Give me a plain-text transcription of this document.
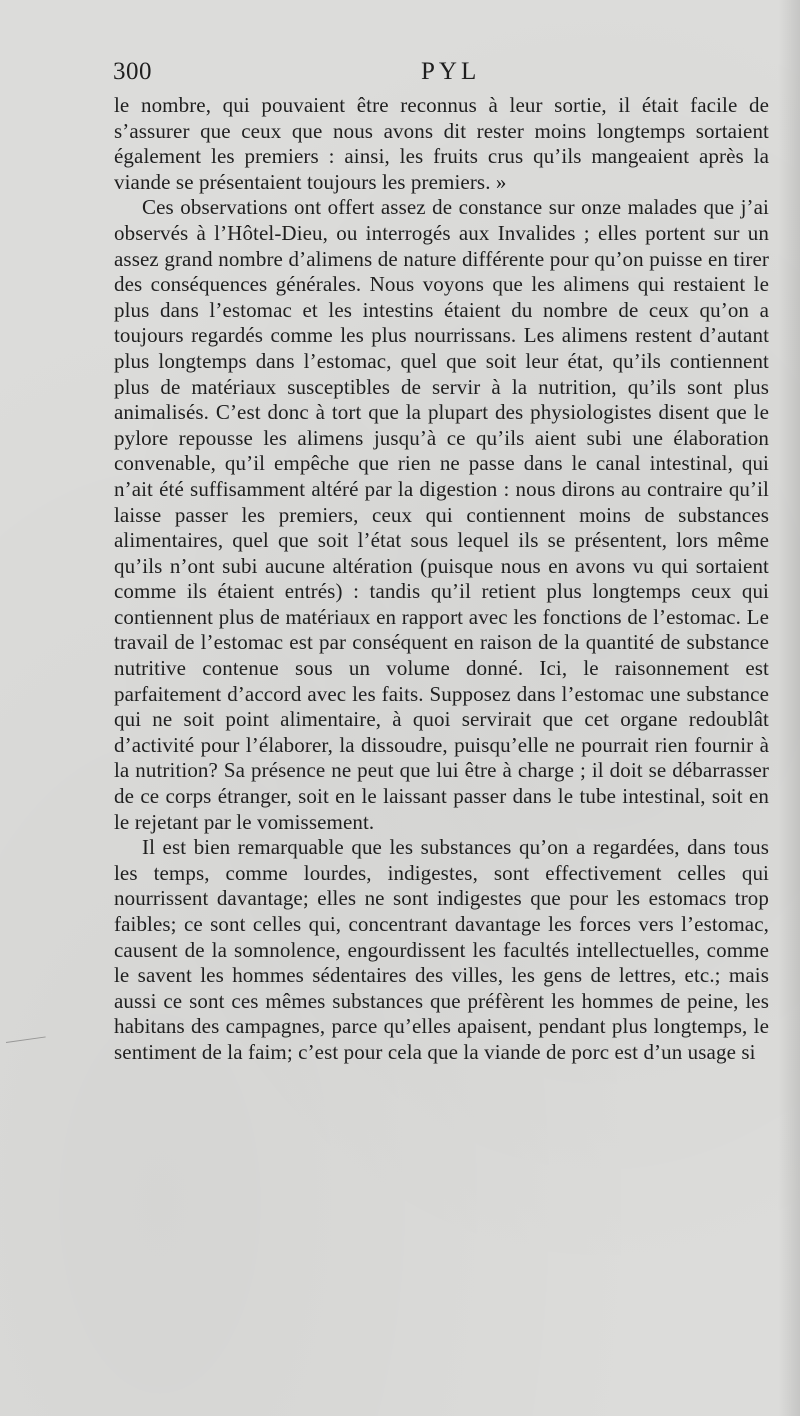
300	PYL

le nombre, qui pouvaient être reconnus à leur sortie, il était facile de s’assurer que ceux que nous avons dit rester moins longtemps sortaient également les premiers : ainsi, les fruits crus qu’ils mangeaient après la viande se présentaient toujours les premiers. »

Ces observations ont offert assez de constance sur onze malades que j’ai observés à l’Hôtel-Dieu, ou interrogés aux Invalides ; elles portent sur un assez grand nombre d’alimens de nature différente pour qu’on puisse en tirer des conséquences générales. Nous voyons que les alimens qui restaient le plus dans l’estomac et les intestins étaient du nombre de ceux qu’on a toujours regardés comme les plus nourrissans. Les alimens restent d’autant plus longtemps dans l’estomac, quel que soit leur état, qu’ils contiennent plus de matériaux susceptibles de servir à la nutrition, qu’ils sont plus animalisés. C’est donc à tort que la plupart des physiologistes disent que le pylore repousse les alimens jusqu’à ce qu’ils aient subi une élaboration convenable, qu’il empêche que rien ne passe dans le canal intestinal, qui n’ait été suffisamment altéré par la digestion : nous dirons au contraire qu’il laisse passer les premiers, ceux qui contiennent moins de substances alimentaires, quel que soit l’état sous lequel ils se présentent, lors même qu’ils n’ont subi aucune altération (puisque nous en avons vu qui sortaient comme ils étaient entrés) : tandis qu’il retient plus longtemps ceux qui contiennent plus de matériaux en rapport avec les fonctions de l’estomac. Le travail de l’estomac est par conséquent en raison de la quantité de substance nutritive contenue sous un volume donné. Ici, le raisonnement est parfaitement d’accord avec les faits. Supposez dans l’estomac une substance qui ne soit point alimentaire, à quoi servirait que cet organe redoublât d’activité pour l’élaborer, la dissoudre, puisqu’elle ne pourrait rien fournir à la nutrition? Sa présence ne peut que lui être à charge ; il doit se débarrasser de ce corps étranger, soit en le laissant passer dans le tube intestinal, soit en le rejetant par le vomissement.

Il est bien remarquable que les substances qu’on a regardées, dans tous les temps, comme lourdes, indigestes, sont effectivement celles qui nourrissent davantage; elles ne sont indigestes que pour les estomacs trop faibles; ce sont celles qui, concentrant davantage les forces vers l’estomac, causent de la somnolence, engourdissent les facultés intellectuelles, comme le savent les hommes sédentaires des villes, les gens de lettres, etc.; mais aussi ce sont ces mêmes substances que préfèrent les hommes de peine, les habitans des campagnes, parce qu’elles apaisent, pendant plus longtemps, le sentiment de la faim; c’est pour cela que la viande de porc est d’un usage si
